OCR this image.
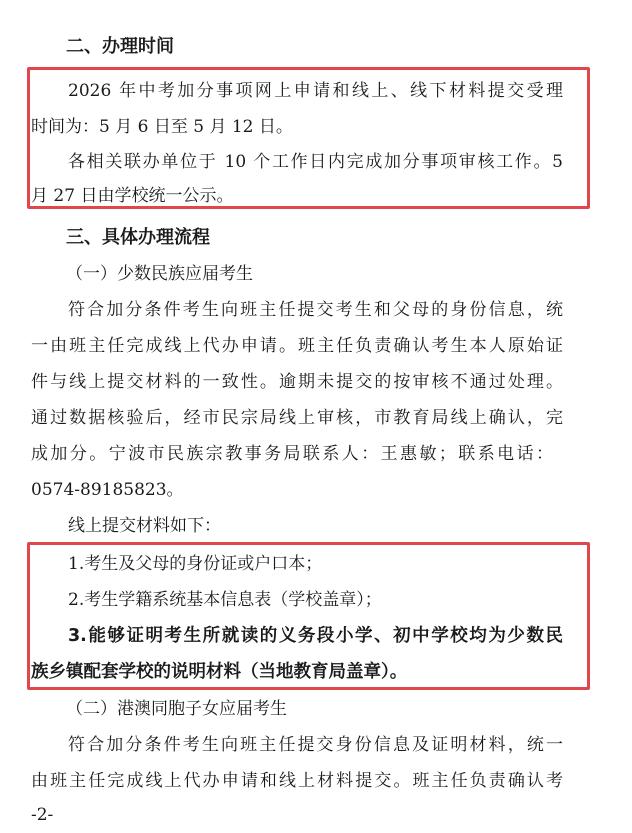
二、办理时间
2026 年中考加分事项网上申请和线上、线下材料提交受理
时间为：5 月 6 日至 5 月 12 日。
各相关联办单位于 10 个工作日内完成加分事项审核工作。5
月 27 日由学校统一公示。
三、具体办理流程
（一）少数民族应届考生
符合加分条件考生向班主任提交考生和父母的身份信息，统
一由班主任完成线上代办申请。班主任负责确认考生本人原始证
件与线上提交材料的一致性。逾期未提交的按审核不通过处理。
通过数据核验后，经市民宗局线上审核，市教育局线上确认，完
成加分。宁波市民族宗教事务局联系人：王惠敏；联系电话：
0574-89185823。
线上提交材料如下：
1.考生及父母的身份证或户口本；
2.考生学籍系统基本信息表（学校盖章）；
3.能够证明考生所就读的义务段小学、初中学校均为少数民
族乡镇配套学校的说明材料（当地教育局盖章）。
（二）港澳同胞子女应届考生
符合加分条件考生向班主任提交身份信息及证明材料，统一
由班主任完成线上代办申请和线上材料提交。班主任负责确认考
-2-
